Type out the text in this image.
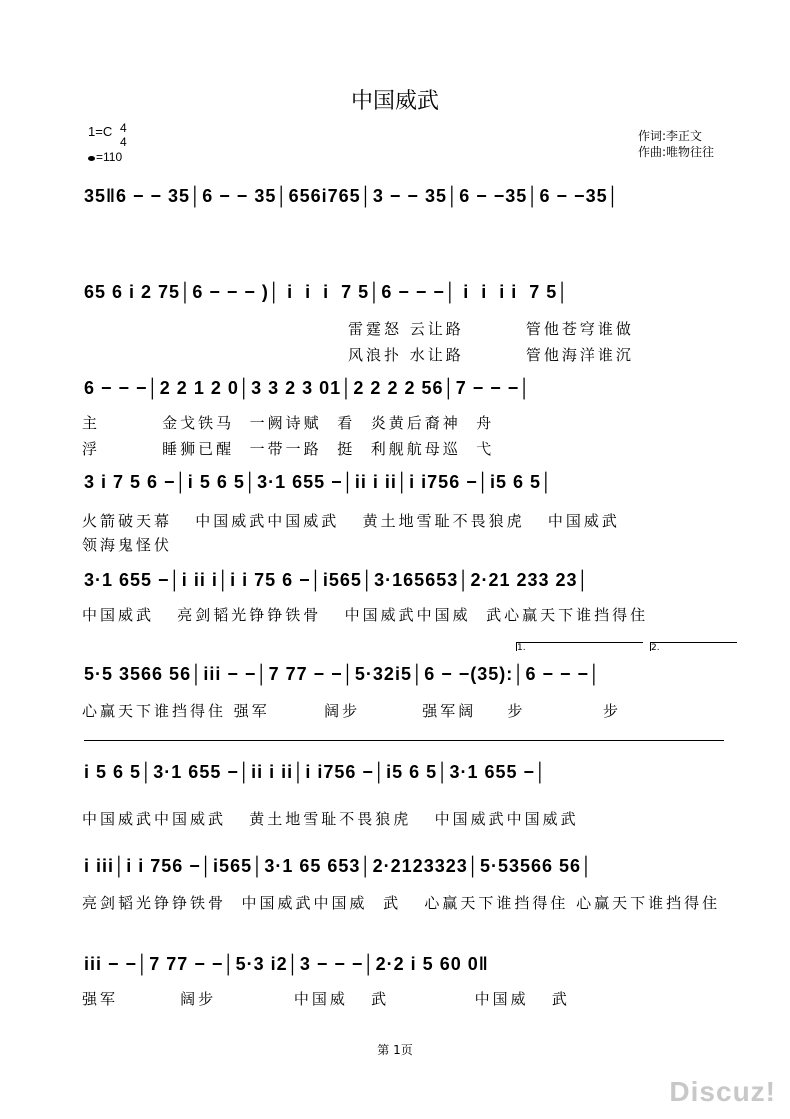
中国威武
1=C 4
4
=110
作词:李正文
作曲:唯物往往
35‖6 − − 35│6 − − 35│656i765│3 − − 35│6 − −35│6 − −35│
65 6 i 2 75│6 − − − )│ i  i  i  7 5│6 − − −│ i  i  i i  7 5│
雷霆怒 云让路        管他苍穹谁做
风浪扑 水让路        管他海洋谁沉
6 − − −│2 2 1 2 0│3 3 2 3 01│2 2 2 2 56│7 − − −│
主        金戈铁马  一阙诗赋  看  炎黄后裔神  舟
浮        睡狮已醒  一带一路  挺  利舰航母巡  弋
3 i 7 5 6 −│i 5 6 5│3·1 655 −│ii i ii│i i756 −│i5 6 5│
火箭破天幕   中国威武中国威武   黄土地雪耻不畏狼虎   中国威武
领海鬼怪伏
3·1 655 −│i ii i│i i 75 6 −│i565│3·165653│2·21 233 23│
中国威武   亮剑韬光铮铮铁骨   中国威武中国威  武心赢天下谁挡得住
1.	2.
5·5 3566 56│iii − −│7 77 − −│5·32i5│6 − −(35):│6 − − −│
心赢天下谁挡得住 强军       阔步        强军阔    步          步
i 5 6 5│3·1 655 −│ii i ii│i i756 −│i5 6 5│3·1 655 −│
中国威武中国威武   黄土地雪耻不畏狼虎   中国威武中国威武
i iii│i i 756 −│i565│3·1 65 653│2·2123323│5·53566 56│
亮剑韬光铮铮铁骨  中国威武中国威  武   心赢天下谁挡得住 心赢天下谁挡得住
iii − −│7 77 − −│5·3 i2│3 − − −│2·2 i 5 60 0‖
强军        阔步          中国威   武           中国威   武
第 1页
Discuz!
